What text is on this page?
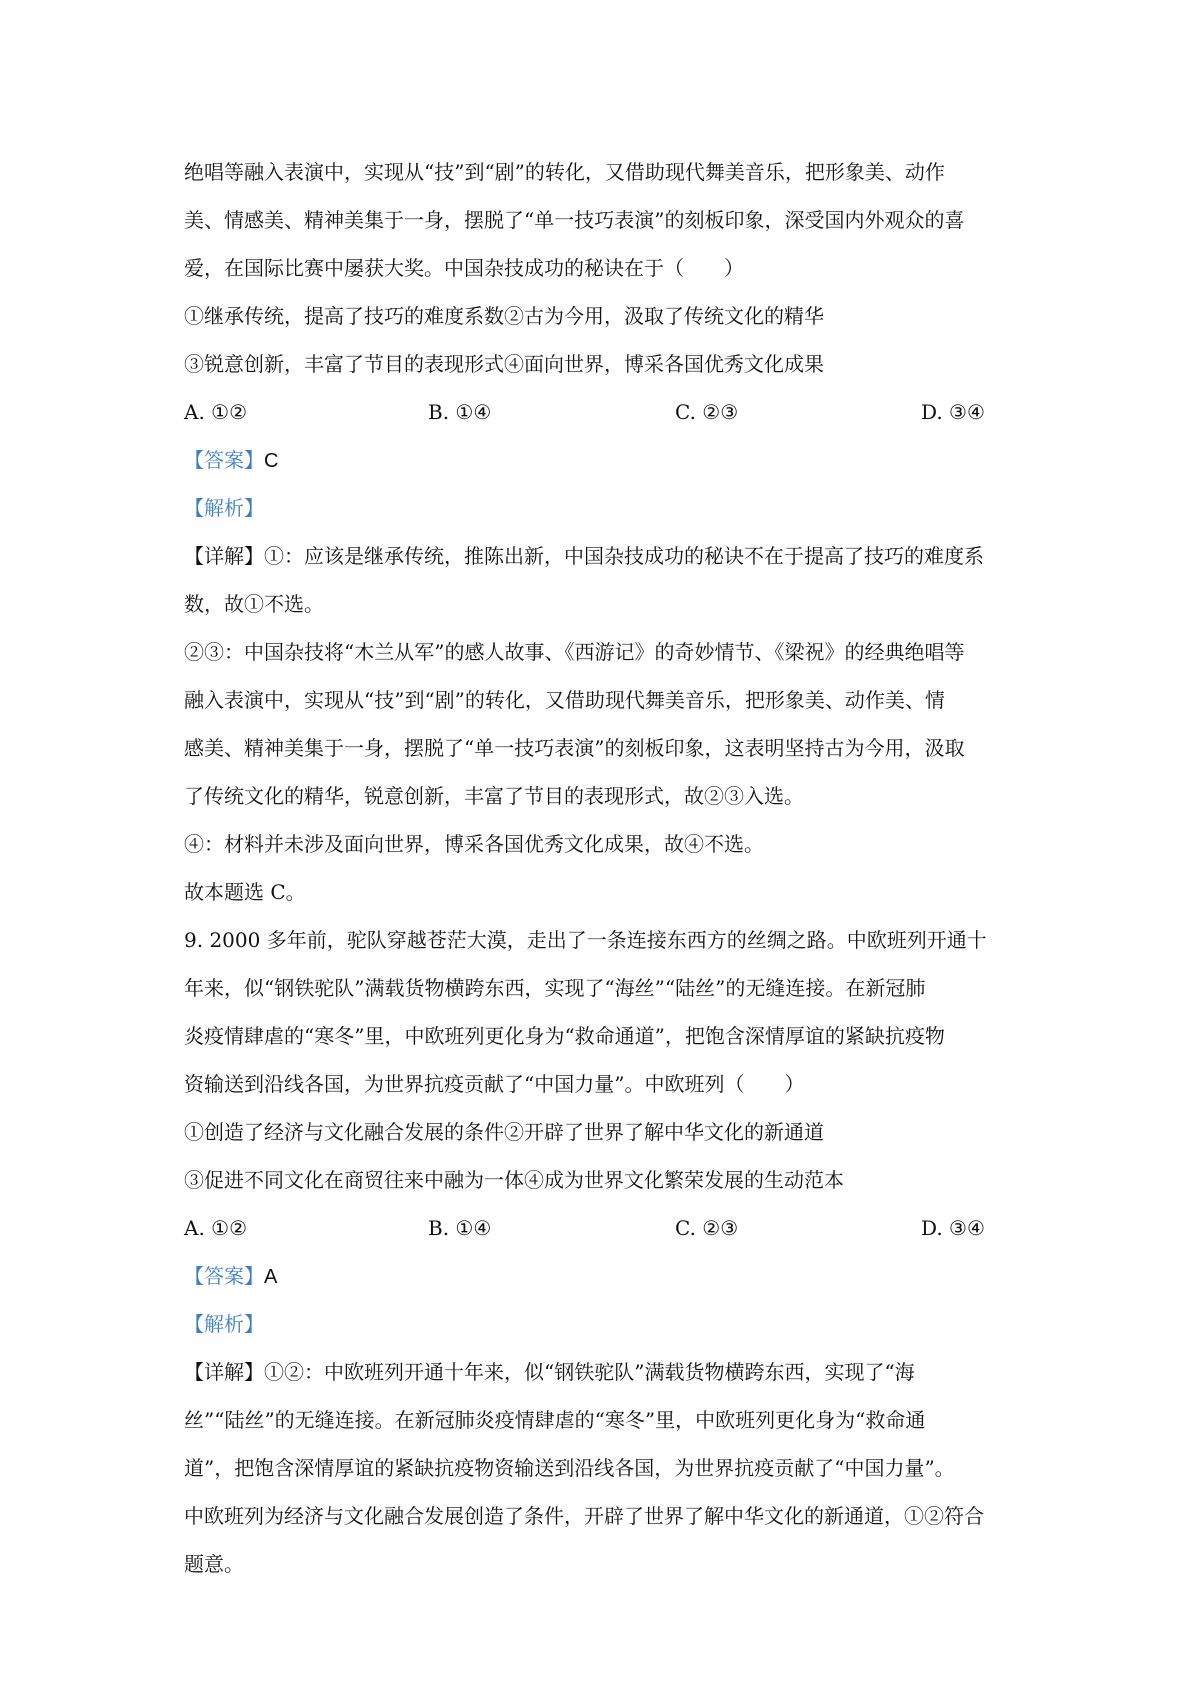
绝唱等融入表演中，实现从“技”到“剧”的转化，又借助现代舞美音乐，把形象美、动作

美、情感美、精神美集于一身，摆脱了“单一技巧表演”的刻板印象，深受国内外观众的喜

爱，在国际比赛中屡获大奖。中国杂技成功的秘诀在于（　　）

①继承传统，提高了技巧的难度系数②古为今用，汲取了传统文化的精华

③锐意创新，丰富了节目的表现形式④面向世界，博采各国优秀文化成果

A. ①②	B. ①④	C. ②③	D. ③④

【答案】C

【解析】

【详解】①：应该是继承传统，推陈出新，中国杂技成功的秘诀不在于提高了技巧的难度系

数，故①不选。

②③：中国杂技将“木兰从军”的感人故事、《西游记》的奇妙情节、《梁祝》的经典绝唱等

融入表演中，实现从“技”到“剧”的转化，又借助现代舞美音乐，把形象美、动作美、情

感美、精神美集于一身，摆脱了“单一技巧表演”的刻板印象，这表明坚持古为今用，汲取

了传统文化的精华，锐意创新，丰富了节目的表现形式，故②③入选。

④：材料并未涉及面向世界，博采各国优秀文化成果，故④不选。

故本题选 C。

9. 2000 多年前，驼队穿越苍茫大漠，走出了一条连接东西方的丝绸之路。中欧班列开通十

年来，似“钢铁驼队”满载货物横跨东西，实现了“海丝”“陆丝”的无缝连接。在新冠肺

炎疫情肆虐的“寒冬”里，中欧班列更化身为“救命通道”，把饱含深情厚谊的紧缺抗疫物

资输送到沿线各国，为世界抗疫贡献了“中国力量”。中欧班列（　　）

①创造了经济与文化融合发展的条件②开辟了世界了解中华文化的新通道

③促进不同文化在商贸往来中融为一体④成为世界文化繁荣发展的生动范本

A. ①②	B. ①④	C. ②③	D. ③④

【答案】A

【解析】

【详解】①②：中欧班列开通十年来，似“钢铁驼队”满载货物横跨东西，实现了“海

丝”“陆丝”的无缝连接。在新冠肺炎疫情肆虐的“寒冬”里，中欧班列更化身为“救命通

道”，把饱含深情厚谊的紧缺抗疫物资输送到沿线各国，为世界抗疫贡献了“中国力量”。

中欧班列为经济与文化融合发展创造了条件，开辟了世界了解中华文化的新通道，①②符合

题意。
